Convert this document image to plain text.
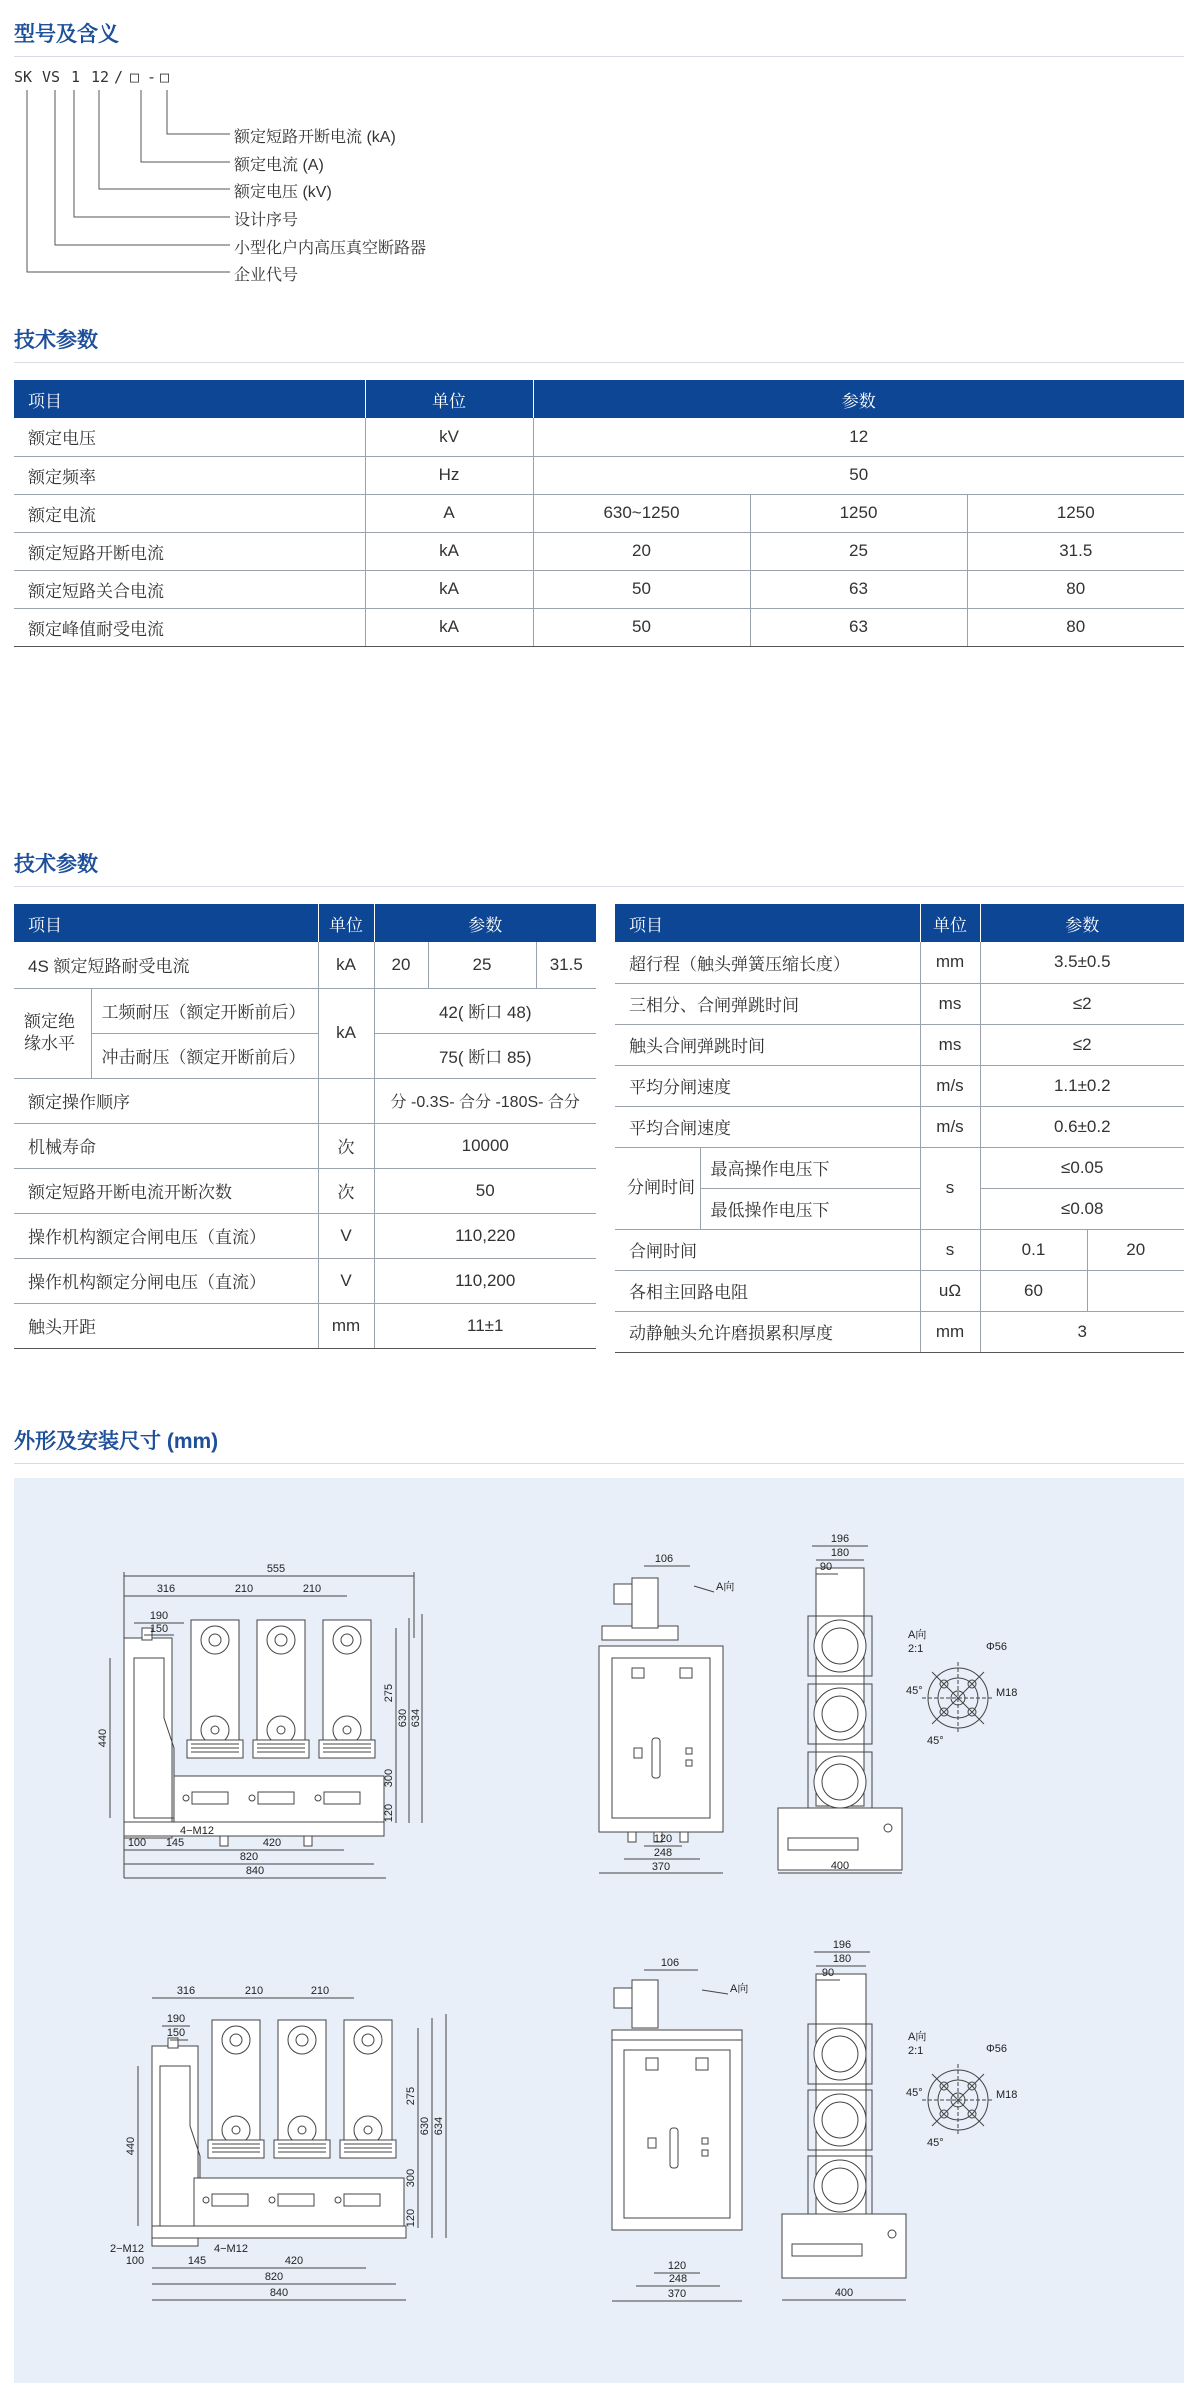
型号及含义
SK VS 1 12 / □ - □
额定短路开断电流 (kA)
额定电流 (A)
额定电压 (kV)
设计序号
小型化户内高压真空断路器
企业代号
技术参数
项目	单位	参数		
额定电压	kV	12		
额定频率	Hz	50		
额定电流	A	630~1250	1250	1250
额定短路开断电流	kA	20	25	31.5
额定短路关合电流	kA	50	63	80
额定峰值耐受电流	kA	50	63	80
技术参数
项目		单位	参数		
4S 额定短路耐受电流		kA	20	25	31.5
额定绝缘水平	工频耐压（额定开断前后）	kA	42( 断口 48)		
	冲击耐压（额定开断前后）		75( 断口 85)		
额定操作顺序			分 -0.3S- 合分 -180S- 合分		
机械寿命		次	10000		
额定短路开断电流开断次数		次	50		
操作机构额定合闸电压（直流）		V	110,220		
操作机构额定分闸电压（直流）		V	110,200		
触头开距		mm	11±1		
项目		单位	参数	
超行程（触头弹簧压缩长度）		mm	3.5±0.5	
三相分、合闸弹跳时间		ms	≤2	
触头合闸弹跳时间		ms	≤2	
平均分闸速度		m/s	1.1±0.2	
平均合闸速度		m/s	0.6±0.2	
分闸时间	最高操作电压下	s	≤0.05	
	最低操作电压下		≤0.08	
合闸时间		s	0.1	20
各相主回路电阻		uΩ	60	
动静触头允许磨损累积厚度		mm	3	
外形及安装尺寸 (mm)
555
316	210	210
190
150
275
630 634
300
120
440
100 145	420
820
840
4−M12
106
120
248
370
A向
196
180
90
400
A向
2:1	Φ56
M18
45°
45°
316	210	210
190
150
275
630 634
300
120
440
2−M12
100	145	420
820
840
4−M12
106
120
248
370
A向
196
180
90
400
A向
2:1	Φ56
M18
45°
45°
